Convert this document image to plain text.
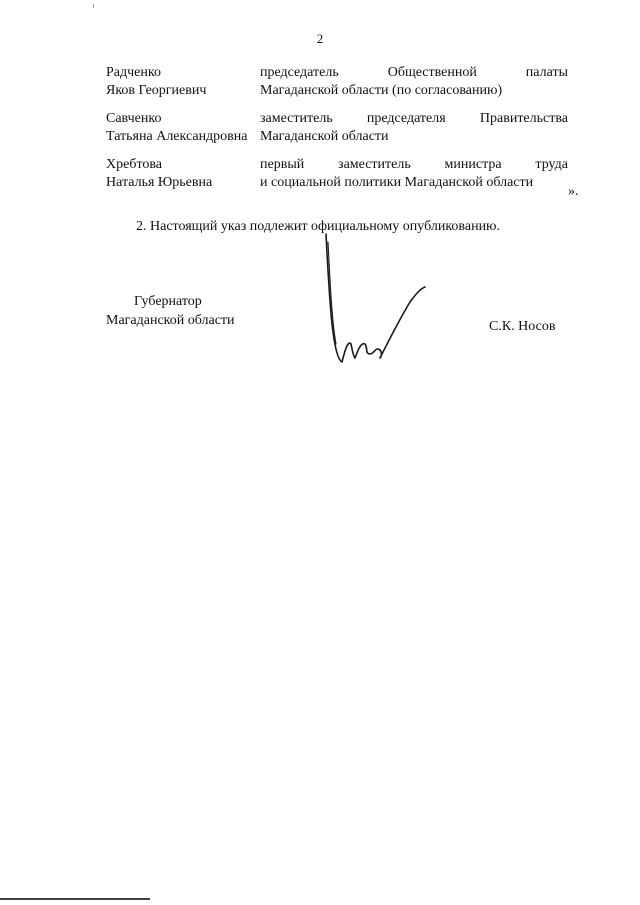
2
Радченко
Яков Георгиевич
председатель Общественной палаты
Магаданской области (по согласованию)
Савченко
Татьяна Александровна
заместитель председателя Правительства
Магаданской области
Хребтова
Наталья Юрьевна
первый заместитель министра труда
и социальной политики Магаданской области
».
2. Настоящий указ подлежит официальному опубликованию.
Губернатор
Магаданской области	С.К. Носов
